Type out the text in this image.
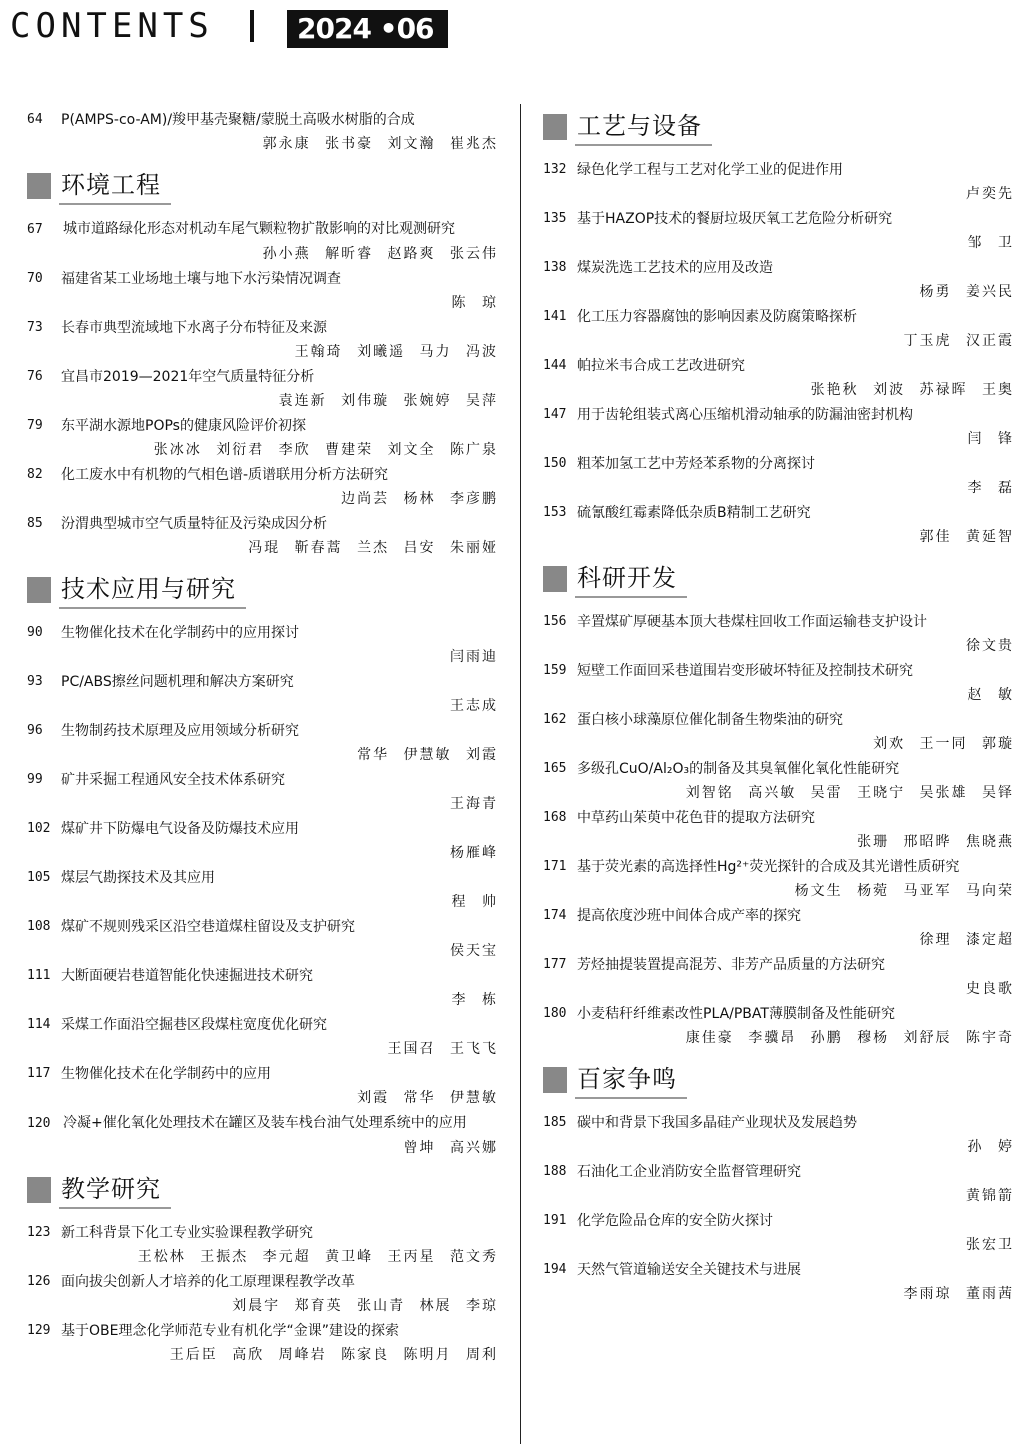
CONTENTS	2024 •06
64	P(AMPS-co-AM)/羧甲基壳聚糖/蒙脱土高吸水树脂的合成
郭永康 张书豪 刘文瀚 崔兆杰
环境工程
67 城市道路绿化形态对机动车尾气颗粒物扩散影响的对比观测研究
孙小燕 解昕睿 赵路爽 张云伟
70	福建省某工业场地土壤与地下水污染情况调查
陈 琼
73	长春市典型流域地下水离子分布特征及来源
王翰琦 刘曦遥 马力 冯波
76	宜昌市2019—2021年空气质量特征分析
袁连新 刘伟璇 张婉婷 吴萍
79	东平湖水源地POPs的健康风险评价初探
张冰冰 刘衍君 李欣 曹建荣 刘文全 陈广泉
82	化工废水中有机物的气相色谱-质谱联用分析方法研究
边尚芸 杨林 李彦鹏
85	汾渭典型城市空气质量特征及污染成因分析
冯琨 靳春蒿 兰杰 吕安 朱丽娅
技术应用与研究
90	生物催化技术在化学制药中的应用探讨
闫雨迪
93	PC/ABS擦丝问题机理和解决方案研究
王志成
96	生物制药技术原理及应用领域分析研究
常华 伊慧敏 刘霞
99	矿井采掘工程通风安全技术体系研究
王海青
102 煤矿井下防爆电气设备及防爆技术应用
杨雁峰
105 煤层气勘探技术及其应用
程 帅
108 煤矿不规则残采区沿空巷道煤柱留设及支护研究
侯天宝
111 大断面硬岩巷道智能化快速掘进技术研究
李 栋
114 采煤工作面沿空掘巷区段煤柱宽度优化研究
王国召 王飞飞
117 生物催化技术在化学制药中的应用
刘霞 常华 伊慧敏
120 冷凝+催化氧化处理技术在罐区及装车栈台油气处理系统中的应用
曾坤 高兴娜
教学研究
123 新工科背景下化工专业实验课程教学研究
王松林 王振杰 李元超 黄卫峰 王丙星 范文秀
126 面向拔尖创新人才培养的化工原理课程教学改革
刘晨宇 郑育英 张山青 林展 李琼
129 基于OBE理念化学师范专业有机化学“金课”建设的探索
王后臣 高欣 周峰岩 陈家良 陈明月 周利
工艺与设备
132 绿色化学工程与工艺对化学工业的促进作用
卢奕先
135 基于HAZOP技术的餐厨垃圾厌氧工艺危险分析研究
邹 卫
138 煤炭洗选工艺技术的应用及改造
杨勇 姜兴民
141 化工压力容器腐蚀的影响因素及防腐策略探析
丁玉虎 汉正霞
144 帕拉米韦合成工艺改进研究
张艳秋 刘波 苏禄晖 王奥
147 用于齿轮组装式离心压缩机滑动轴承的防漏油密封机构
闫 锋
150 粗苯加氢工艺中芳烃苯系物的分离探讨
李 磊
153 硫氰酸红霉素降低杂质B精制工艺研究
郭佳 黄延智
科研开发
156 辛置煤矿厚硬基本顶大巷煤柱回收工作面运输巷支护设计
徐文贵
159 短壁工作面回采巷道围岩变形破坏特征及控制技术研究
赵 敏
162 蛋白核小球藻原位催化制备生物柴油的研究
刘欢 王一同 郭璇
165 多级孔CuO/Al₂O₃的制备及其臭氧催化氧化性能研究
刘智铭 高兴敏 吴雷 王晓宁 吴张雄 吴铎
168 中草药山茱萸中花色苷的提取方法研究
张珊 邢昭晔 焦晓燕
171 基于荧光素的高选择性Hg²⁺荧光探针的合成及其光谱性质研究
杨文生 杨菀 马亚军 马向荣
174 提高依度沙班中间体合成产率的探究
徐理 漆定超
177 芳烃抽提装置提高混芳、非芳产品质量的方法研究
史良歌
180 小麦秸秆纤维素改性PLA/PBAT薄膜制备及性能研究
康佳豪 李骥昂 孙鹏 穆杨 刘舒辰 陈宇奇
百家争鸣
185 碳中和背景下我国多晶硅产业现状及发展趋势
孙 婷
188 石油化工企业消防安全监督管理研究
黄锦箭
191 化学危险品仓库的安全防火探讨
张宏卫
194 天然气管道输送安全关键技术与进展
李雨琼 董雨茜
